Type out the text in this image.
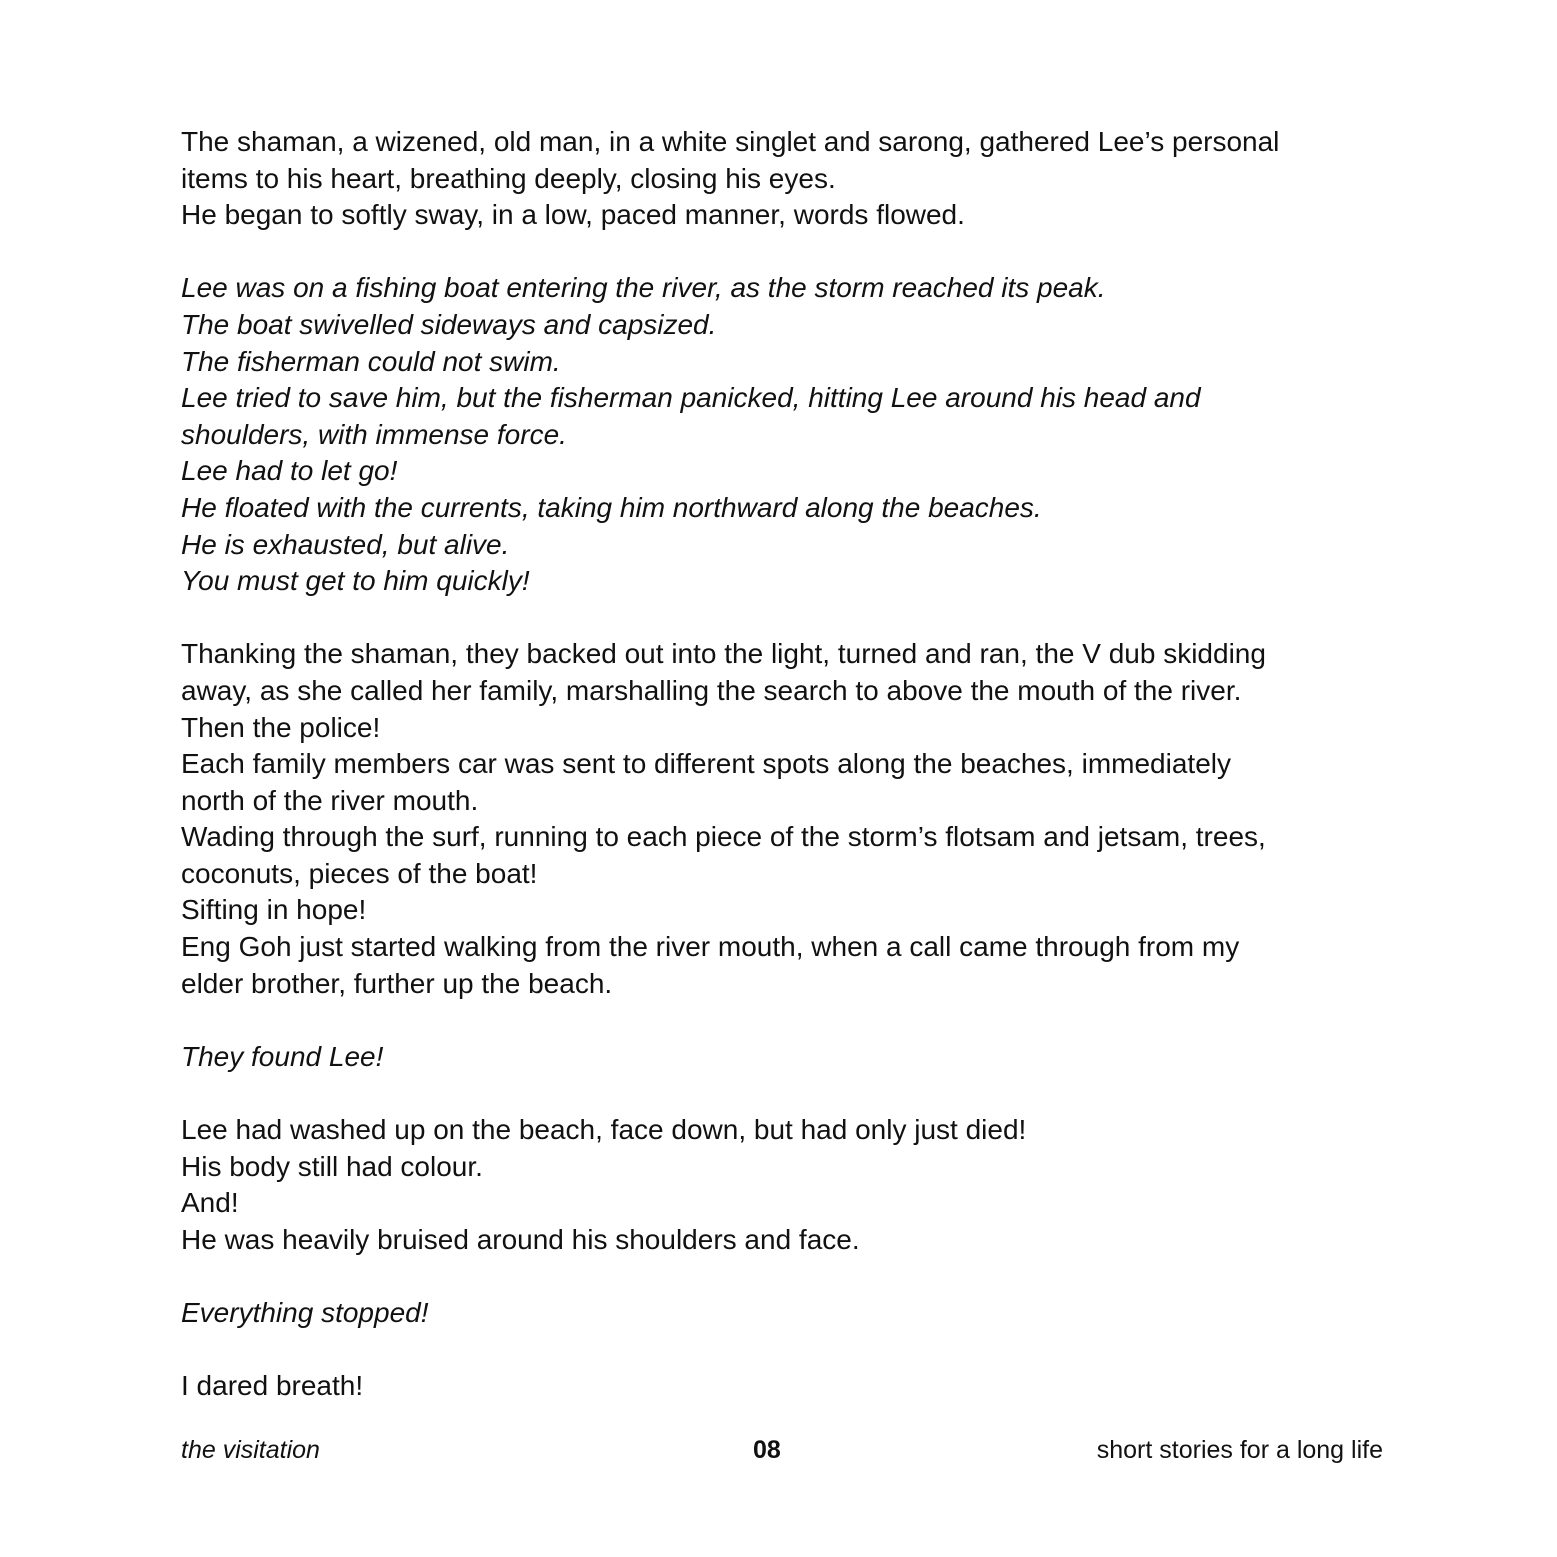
The shaman, a wizened, old man, in a white singlet and sarong, gathered Lee’s personal
items to his heart, breathing deeply, closing his eyes.
He began to softly sway, in a low, paced manner, words flowed.
Lee was on a fishing boat entering the river, as the storm reached its peak.
The boat swivelled sideways and capsized.
The fisherman could not swim.
Lee tried to save him, but the fisherman panicked, hitting Lee around his head and
shoulders, with immense force.
Lee had to let go!
He floated with the currents, taking him northward along the beaches.
He is exhausted, but alive.
You must get to him quickly!
Thanking the shaman, they backed out into the light, turned and ran, the V dub skidding
away, as she called her family, marshalling the search to above the mouth of the river.
Then the police!
Each family members car was sent to different spots along the beaches, immediately
north of the river mouth.
Wading through the surf, running to each piece of the storm’s flotsam and jetsam, trees,
coconuts, pieces of the boat!
Sifting in hope!
Eng Goh just started walking from the river mouth, when a call came through from my
elder brother, further up the beach.
They found Lee!
Lee had washed up on the beach, face down, but had only just died!
His body still had colour.
And!
He was heavily bruised around his shoulders and face.
Everything stopped!
I dared breath!
the visitation	08	short stories for a long life
